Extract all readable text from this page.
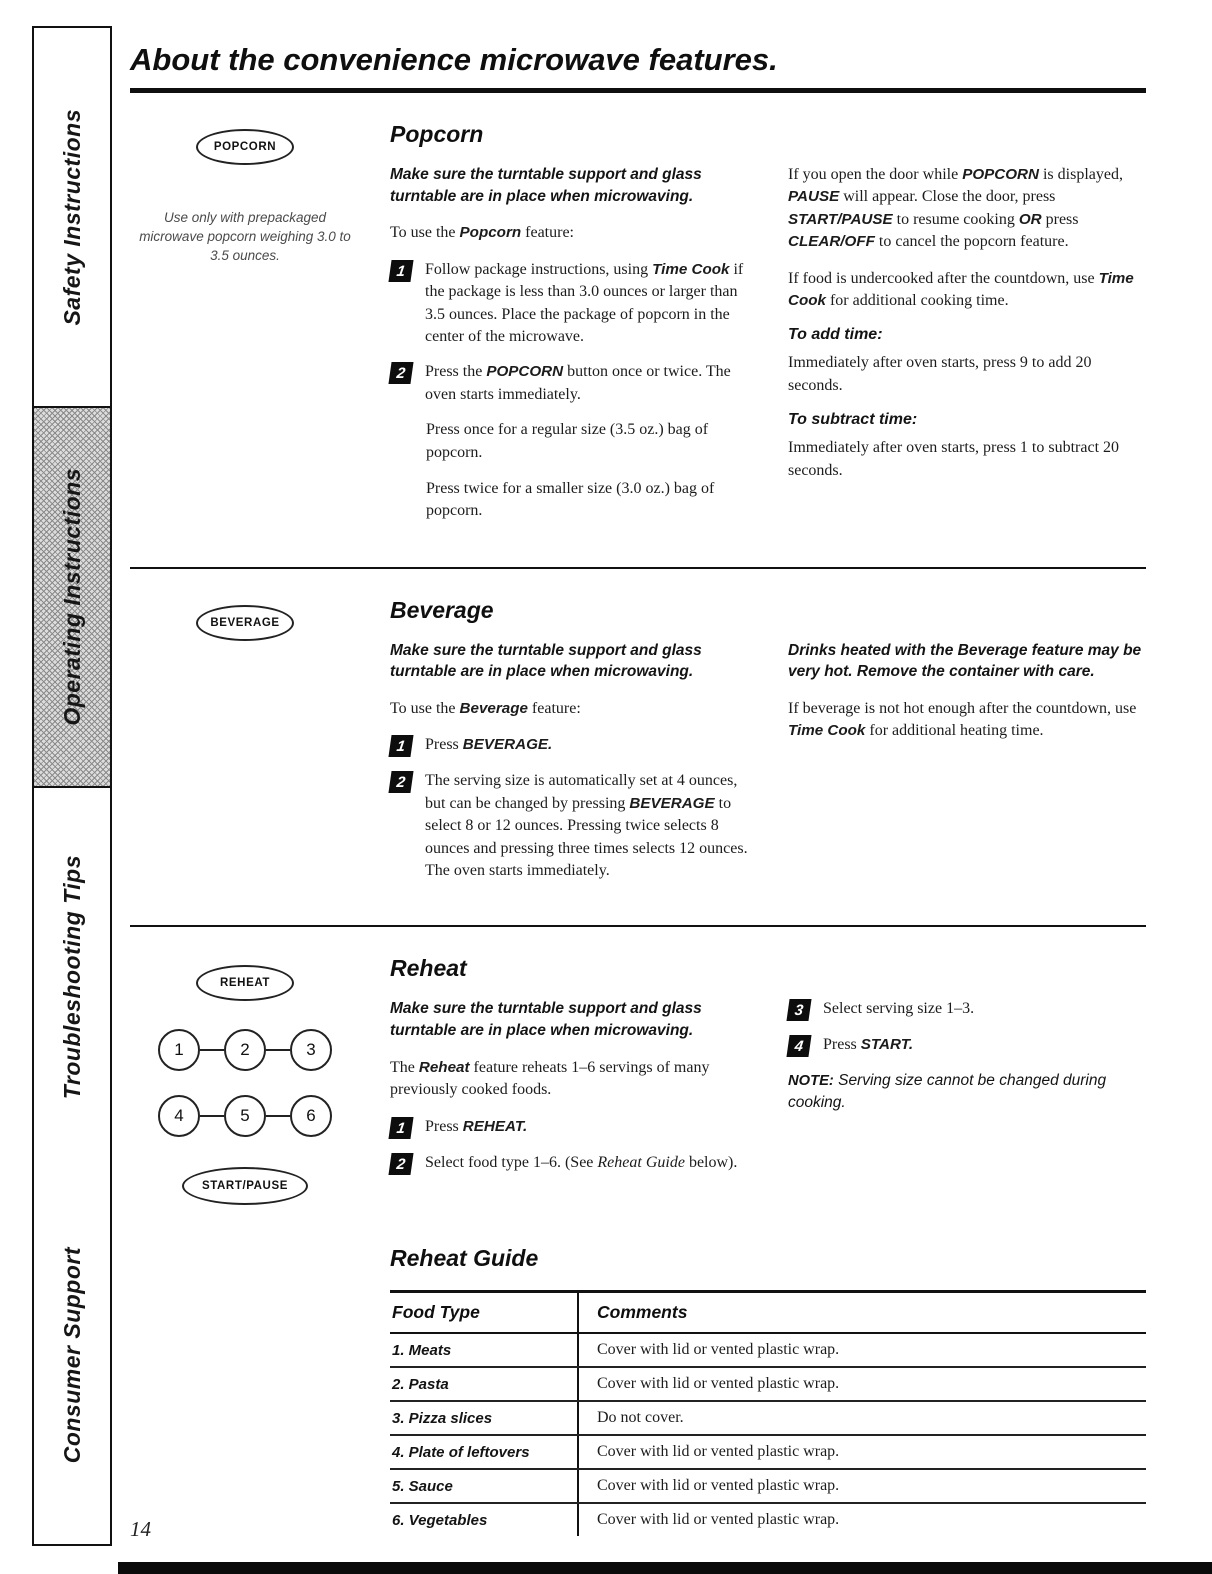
Safety Instructions
Operating Instructions
Troubleshooting Tips
Consumer Support
About the convenience microwave features.
POPCORN

Use only with prepackaged microwave popcorn weighing 3.0 to 3.5 ounces.

Popcorn

Make sure the turntable support and glass turntable are in place when microwaving.

To use the Popcorn feature:

1	Follow package instructions, using Time Cook if the package is less than 3.0 ounces or larger than 3.5 ounces. Place the package of popcorn in the center of the microwave.

2	Press the POPCORN button once or twice. The oven starts immediately.

Press once for a regular size (3.5 oz.) bag of popcorn.

Press twice for a smaller size (3.0 oz.) bag of popcorn.

If you open the door while POPCORN is displayed, PAUSE will appear. Close the door, press START/PAUSE to resume cooking OR press CLEAR/OFF to cancel the popcorn feature.

If food is undercooked after the countdown, use Time Cook for additional cooking time.

To add time:

Immediately after oven starts, press 9 to add 20 seconds.

To subtract time:

Immediately after oven starts, press 1 to subtract 20 seconds.

BEVERAGE	Beverage

Make sure the turntable support and glass turntable are in place when microwaving.

To use the Beverage feature:

1	Press BEVERAGE.

2	The serving size is automatically set at 4 ounces, but can be changed by pressing BEVERAGE to select 8 or 12 ounces. Pressing twice selects 8 ounces and pressing three times selects 12 ounces. The oven starts immediately.

Drinks heated with the Beverage feature may be very hot. Remove the container with care.

If beverage is not hot enough after the countdown, use Time Cook for additional heating time.

REHEAT
1	2	3
4	5	6
START/PAUSE
Reheat

Make sure the turntable support and glass turntable are in place when microwaving.

The Reheat feature reheats 1–6 servings of many previously cooked foods.

1	Press REHEAT.

2	Select food type 1–6. (See Reheat Guide below).

3	Select serving size 1–3.

4	Press START.

NOTE: Serving size cannot be changed during cooking.

Reheat Guide
Food Type	Comments
1. Meats	Cover with lid or vented plastic wrap.
2. Pasta	Cover with lid or vented plastic wrap.
3. Pizza slices	Do not cover.
4. Plate of leftovers	Cover with lid or vented plastic wrap.
5. Sauce	Cover with lid or vented plastic wrap.
6. Vegetables	Cover with lid or vented plastic wrap.
14
